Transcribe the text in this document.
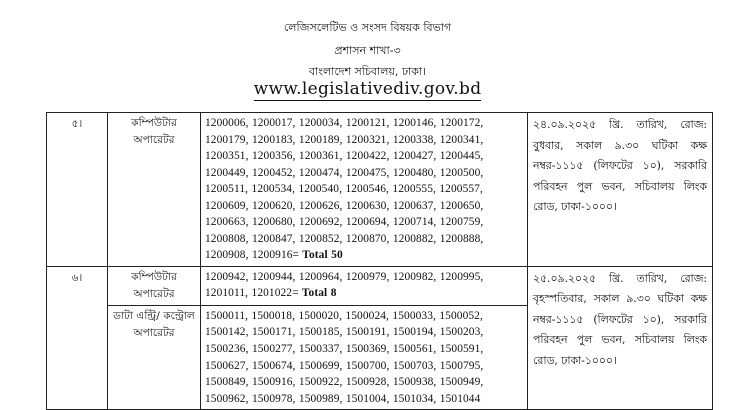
লেজিসলেটিভ ও সংসদ বিষয়ক বিভাগ
প্রশাসন শাখা-৩
বাংলাদেশ সচিবালয়, ঢাকা।
www.legislativediv.gov.bd
৫।	কম্পিউটার অপারেটর	1200006, 1200017, 1200034, 1200121, 1200146, 1200172, 1200179, 1200183, 1200189, 1200321, 1200338, 1200341, 1200351, 1200356, 1200361, 1200422, 1200427, 1200445, 1200449, 1200452, 1200474, 1200475, 1200480, 1200500, 1200511, 1200534, 1200540, 1200546, 1200555, 1200557, 1200609, 1200620, 1200626, 1200630, 1200637, 1200650, 1200663, 1200680, 1200692, 1200694, 1200714, 1200759, 1200808, 1200847, 1200852, 1200870, 1200882, 1200888, 1200908, 1200916= Total 50	২৪.০৯.২০২৫ খ্রি. তারিখ, রোজ: বুধবার, সকাল ৯.৩০ ঘটিকা কক্ষ নম্বর-১১১৫ (লিফটের ১০), সরকারি পরিবহন পুল ভবন, সচিবালয় লিংক রোড, ঢাকা-১০০০।
৬।	কম্পিউটার অপারেটর	1200942, 1200944, 1200964, 1200979, 1200982, 1200995, 1201011, 1201022= Total 8	২৫.০৯.২০২৫ খ্রি. তারিখ, রোজ: বৃহস্পতিবার, সকাল ৯.৩০ ঘটিকা কক্ষ নম্বর-১১১৫ (লিফটের ১০), সরকারি পরিবহন পুল ভবন, সচিবালয় লিংক রোড, ঢাকা-১০০০।
	ডাটা এন্ট্রি/ কন্ট্রোল অপারেটর	1500011, 1500018, 1500020, 1500024, 1500033, 1500052, 1500142, 1500171, 1500185, 1500191, 1500194, 1500203, 1500236, 1500277, 1500337, 1500369, 1500561, 1500591, 1500627, 1500674, 1500699, 1500700, 1500703, 1500795, 1500849, 1500916, 1500922, 1500928, 1500938, 1500949, 1500962, 1500978, 1500989, 1501004, 1501034, 1501044	
